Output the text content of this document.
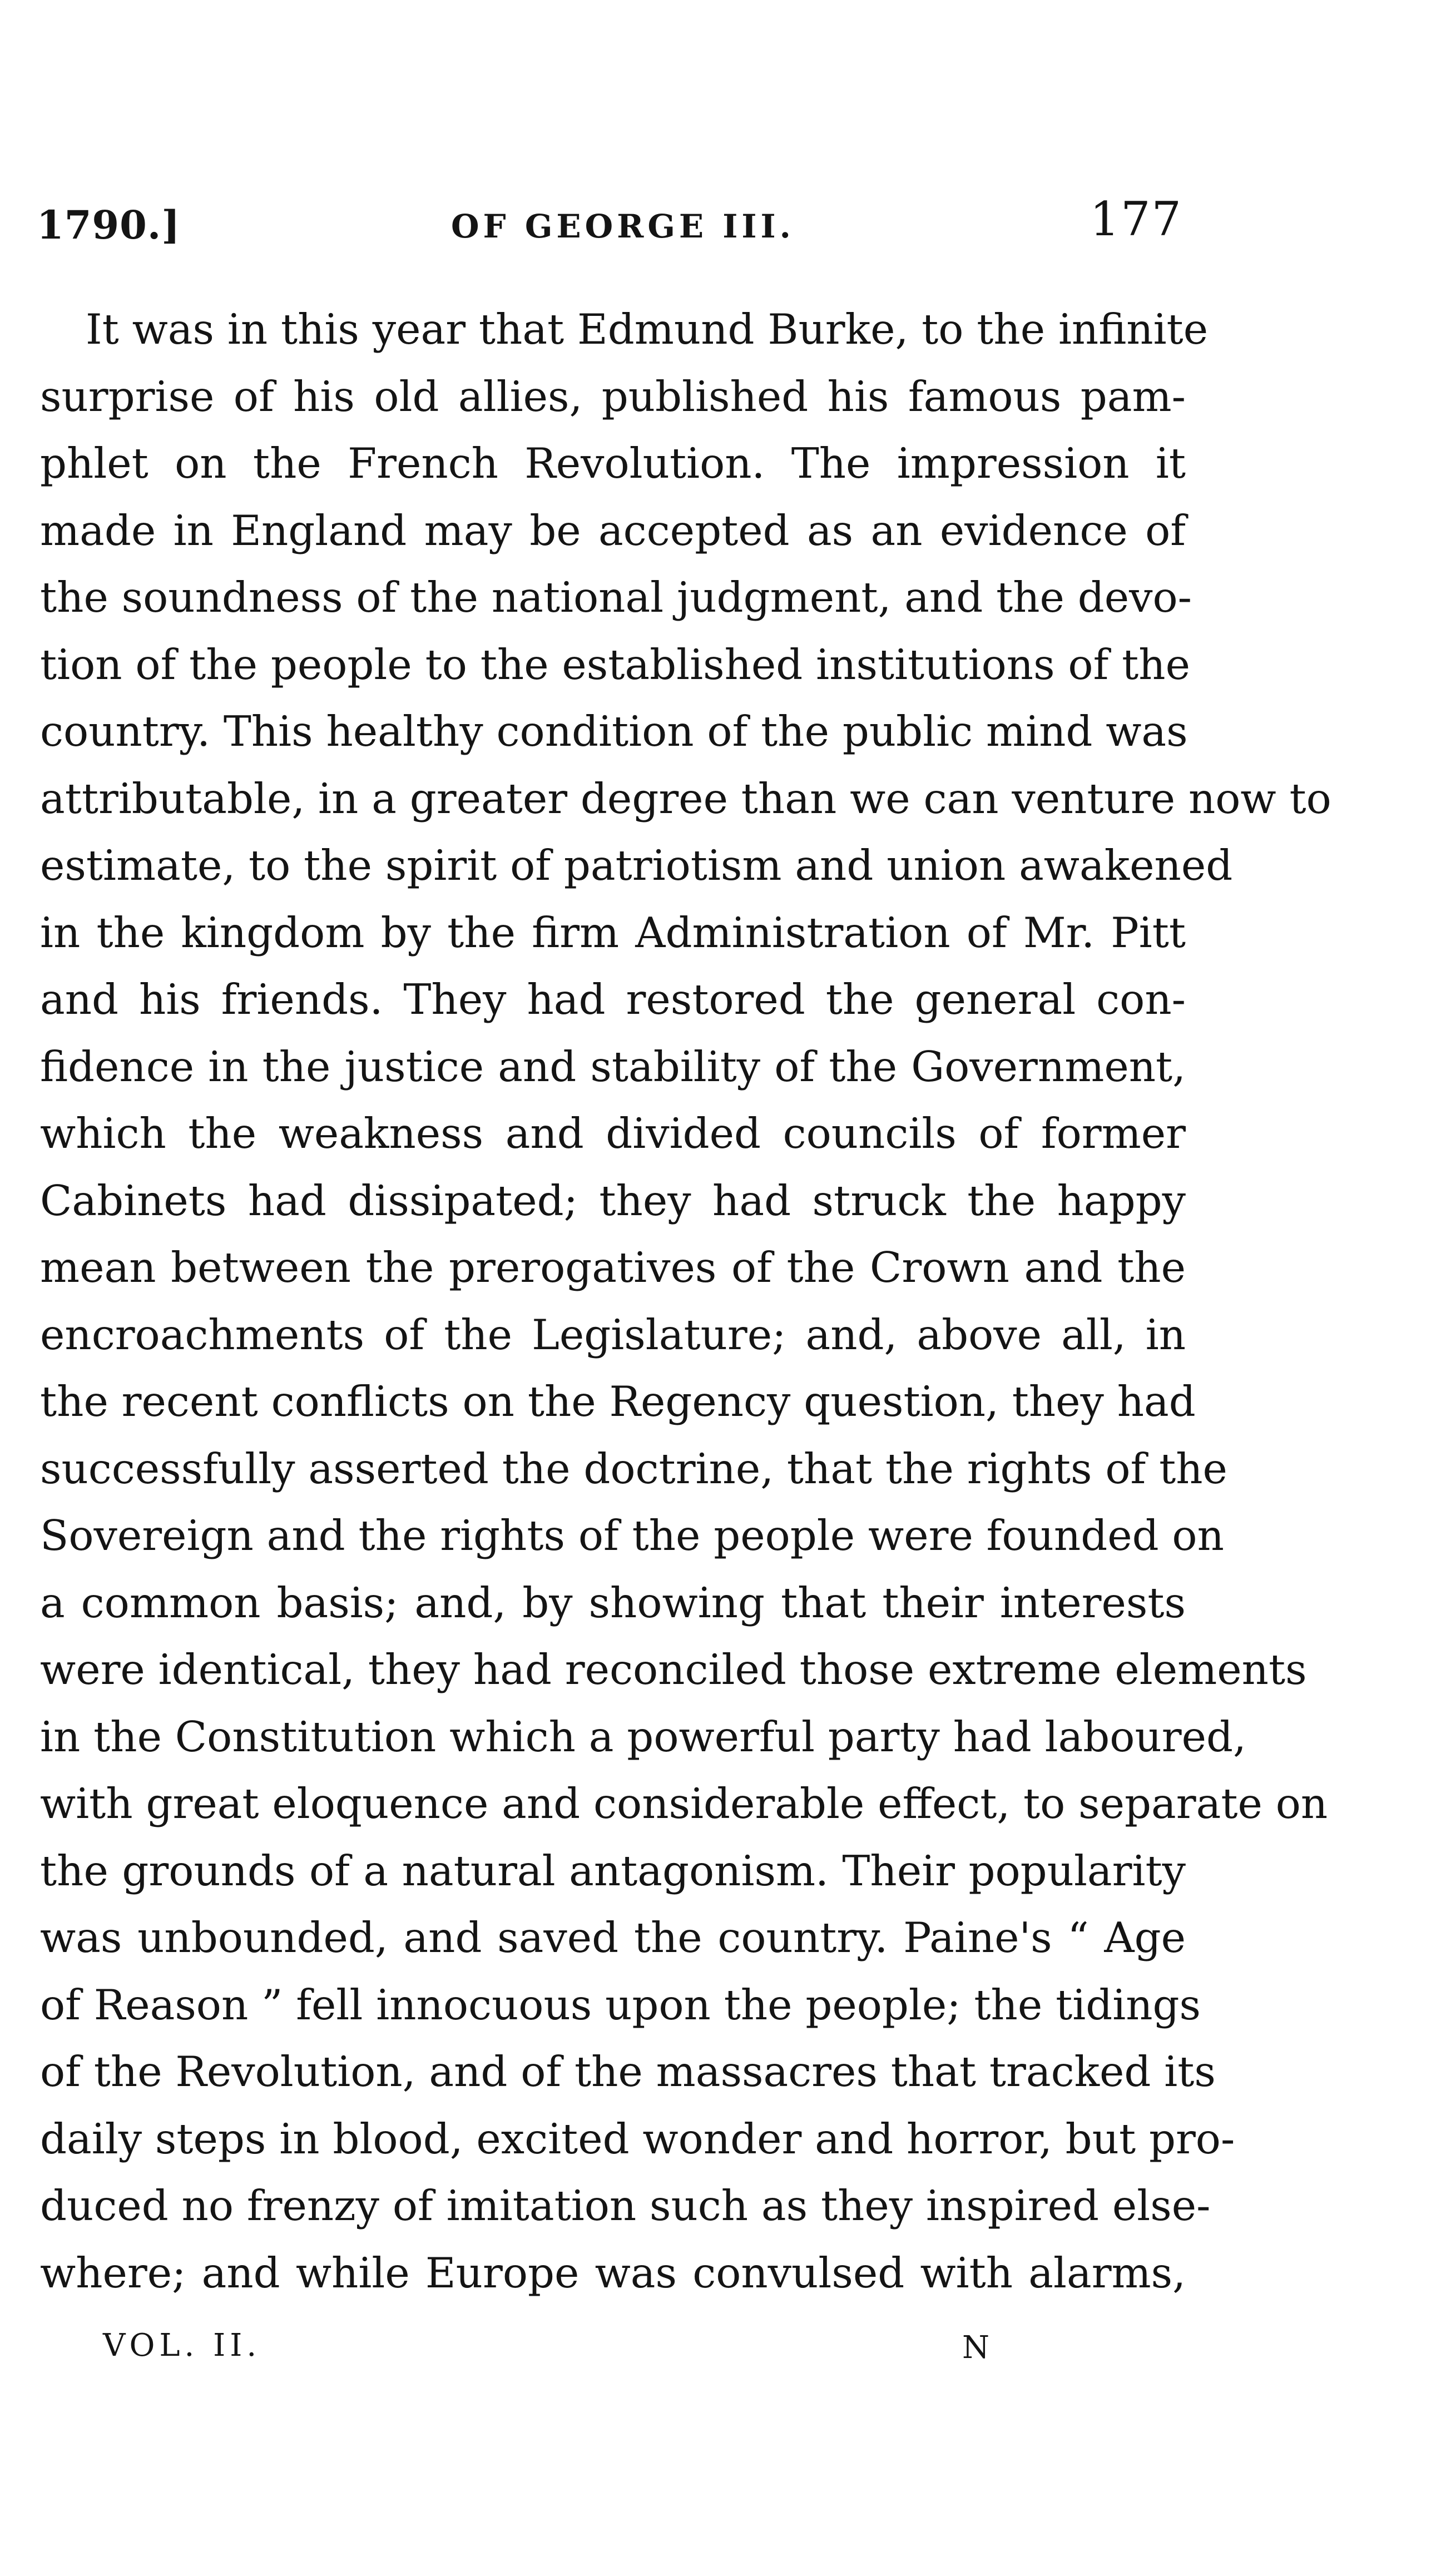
1790.]	OF GEORGE III.	177
It was in this year that Edmund Burke, to the infinite
surprise of his old allies, published his famous pam-
phlet on the French Revolution. The impression it
made in England may be accepted as an evidence of
the soundness of the national judgment, and the devo-
tion of the people to the established institutions of the
country. This healthy condition of the public mind was
attributable, in a greater degree than we can venture now to
estimate, to the spirit of patriotism and union awakened
in the kingdom by the firm Administration of Mr. Pitt
and his friends. They had restored the general con-
fidence in the justice and stability of the Government,
which the weakness and divided councils of former
Cabinets had dissipated; they had struck the happy
mean between the prerogatives of the Crown and the
encroachments of the Legislature; and, above all, in
the recent conflicts on the Regency question, they had
successfully asserted the doctrine, that the rights of the
Sovereign and the rights of the people were founded on
a common basis; and, by showing that their interests
were identical, they had reconciled those extreme elements
in the Constitution which a powerful party had laboured,
with great eloquence and considerable effect, to separate on
the grounds of a natural antagonism. Their popularity
was unbounded, and saved the country. Paine's “ Age
of Reason ” fell innocuous upon the people; the tidings
of the Revolution, and of the massacres that tracked its
daily steps in blood, excited wonder and horror, but pro-
duced no frenzy of imitation such as they inspired else-
where; and while Europe was convulsed with alarms,
VOL. II.	N
